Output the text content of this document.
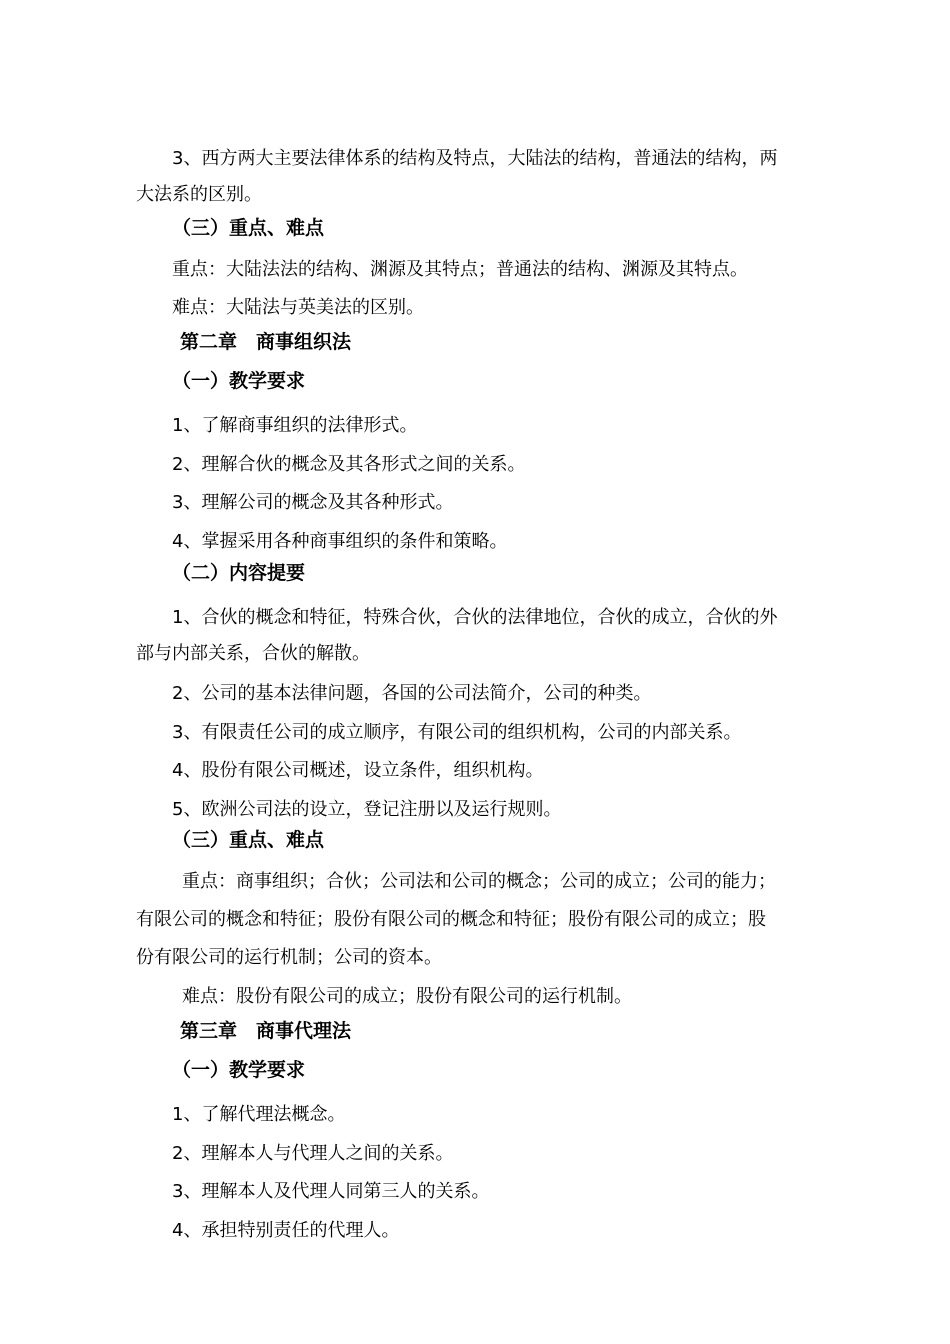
3、西方两大主要法律体系的结构及特点，大陆法的结构，普通法的结构，两
大法系的区别。
（三）重点、难点
重点：大陆法法的结构、渊源及其特点；普通法的结构、渊源及其特点。
难点：大陆法与英美法的区别。
第二章　商事组织法
（一）教学要求
1、了解商事组织的法律形式。
2、理解合伙的概念及其各形式之间的关系。
3、理解公司的概念及其各种形式。
4、掌握采用各种商事组织的条件和策略。
（二）内容提要
1、合伙的概念和特征，特殊合伙，合伙的法律地位，合伙的成立，合伙的外
部与内部关系，合伙的解散。
2、公司的基本法律问题，各国的公司法简介，公司的种类。
3、有限责任公司的成立顺序，有限公司的组织机构，公司的内部关系。
4、股份有限公司概述，设立条件，组织机构。
5、欧洲公司法的设立，登记注册以及运行规则。
（三）重点、难点
重点：商事组织；合伙；公司法和公司的概念；公司的成立；公司的能力；
有限公司的概念和特征；股份有限公司的概念和特征；股份有限公司的成立；股
份有限公司的运行机制；公司的资本。
难点：股份有限公司的成立；股份有限公司的运行机制。
第三章　商事代理法
（一）教学要求
1、了解代理法概念。
2、理解本人与代理人之间的关系。
3、理解本人及代理人同第三人的关系。
4、承担特别责任的代理人。
